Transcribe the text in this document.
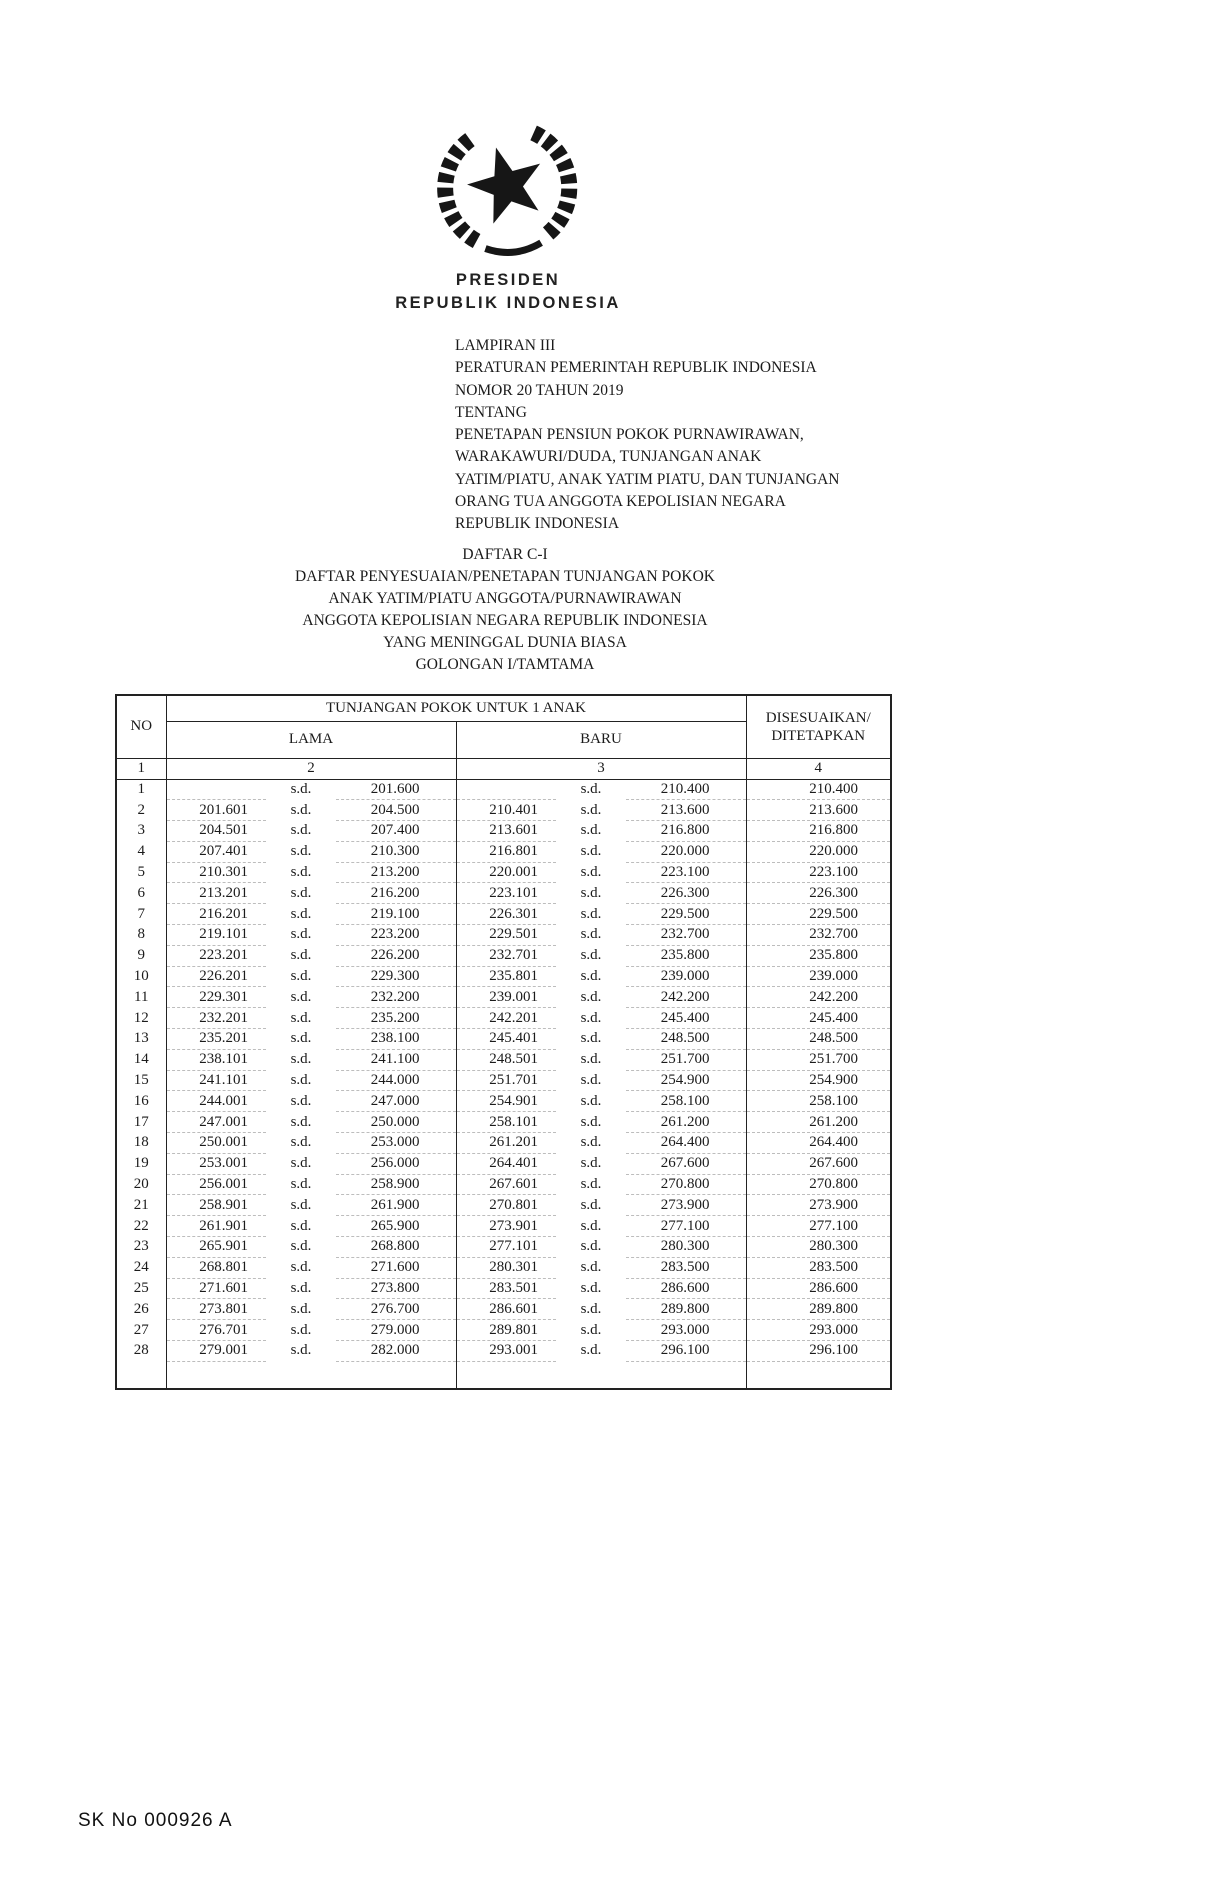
PRESIDEN
REPUBLIK INDONESIA
LAMPIRAN III
PERATURAN PEMERINTAH REPUBLIK INDONESIA
NOMOR 20 TAHUN 2019
TENTANG
PENETAPAN PENSIUN POKOK PURNAWIRAWAN,
WARAKAWURI/DUDA, TUNJANGAN ANAK
YATIM/PIATU, ANAK YATIM PIATU, DAN TUNJANGAN
ORANG TUA ANGGOTA KEPOLISIAN NEGARA
REPUBLIK INDONESIA
DAFTAR C-I
DAFTAR PENYESUAIAN/PENETAPAN TUNJANGAN POKOK
ANAK YATIM/PIATU ANGGOTA/PURNAWIRAWAN
ANGGOTA KEPOLISIAN NEGARA REPUBLIK INDONESIA
YANG MENINGGAL DUNIA BIASA
GOLONGAN I/TAMTAMA
NO	TUNJANGAN POKOK UNTUK 1 ANAK						DISESUAIKAN/
DITETAPKAN
	LAMA			BARU			
1	2			3			4
1		s.d.	201.600		s.d.	210.400	210.400
2	201.601	s.d.	204.500	210.401	s.d.	213.600	213.600
3	204.501	s.d.	207.400	213.601	s.d.	216.800	216.800
4	207.401	s.d.	210.300	216.801	s.d.	220.000	220.000
5	210.301	s.d.	213.200	220.001	s.d.	223.100	223.100
6	213.201	s.d.	216.200	223.101	s.d.	226.300	226.300
7	216.201	s.d.	219.100	226.301	s.d.	229.500	229.500
8	219.101	s.d.	223.200	229.501	s.d.	232.700	232.700
9	223.201	s.d.	226.200	232.701	s.d.	235.800	235.800
10	226.201	s.d.	229.300	235.801	s.d.	239.000	239.000
11	229.301	s.d.	232.200	239.001	s.d.	242.200	242.200
12	232.201	s.d.	235.200	242.201	s.d.	245.400	245.400
13	235.201	s.d.	238.100	245.401	s.d.	248.500	248.500
14	238.101	s.d.	241.100	248.501	s.d.	251.700	251.700
15	241.101	s.d.	244.000	251.701	s.d.	254.900	254.900
16	244.001	s.d.	247.000	254.901	s.d.	258.100	258.100
17	247.001	s.d.	250.000	258.101	s.d.	261.200	261.200
18	250.001	s.d.	253.000	261.201	s.d.	264.400	264.400
19	253.001	s.d.	256.000	264.401	s.d.	267.600	267.600
20	256.001	s.d.	258.900	267.601	s.d.	270.800	270.800
21	258.901	s.d.	261.900	270.801	s.d.	273.900	273.900
22	261.901	s.d.	265.900	273.901	s.d.	277.100	277.100
23	265.901	s.d.	268.800	277.101	s.d.	280.300	280.300
24	268.801	s.d.	271.600	280.301	s.d.	283.500	283.500
25	271.601	s.d.	273.800	283.501	s.d.	286.600	286.600
26	273.801	s.d.	276.700	286.601	s.d.	289.800	289.800
27	276.701	s.d.	279.000	289.801	s.d.	293.000	293.000
28	279.001	s.d.	282.000	293.001	s.d.	296.100	296.100

SK No 000926 A
